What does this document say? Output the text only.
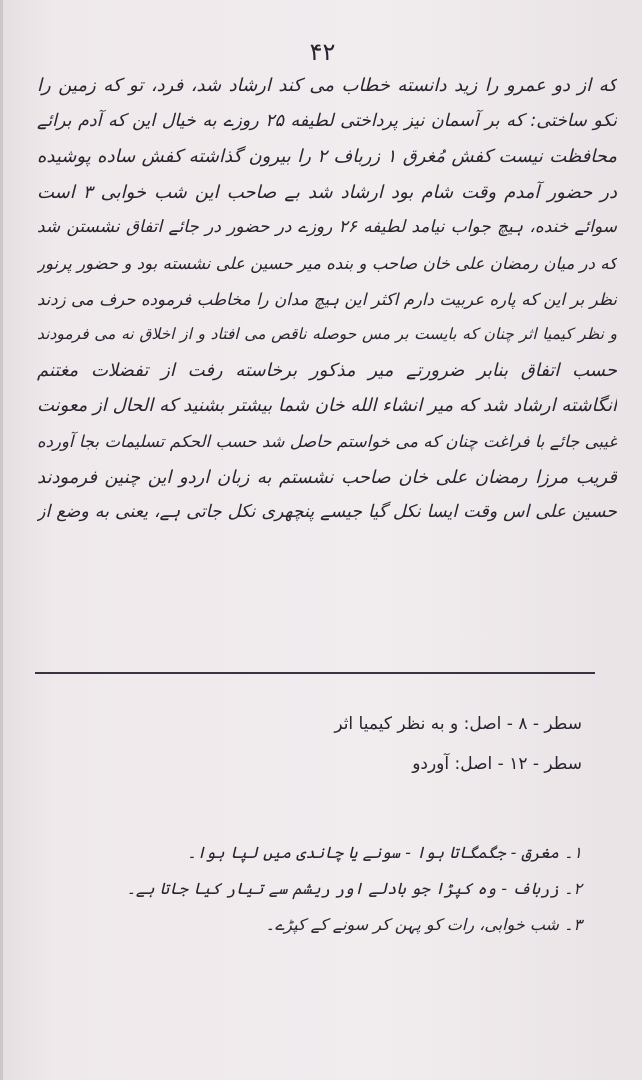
۴۲
که از دو عمرو را زید دانسته خطاب می کند ارشاد شد، فرد، تو که زمین را
نکو ساختی: که بر آسمان نیز پرداختی لطیفه ۲۵ روزے به خیال این که آدم برائے
محافظت نیست کفش مُغرق ۱ زرباف ۲ را بیرون گذاشته کفش ساده پوشیده
در حضور آمدم وقت شام بود ارشاد شد بے صاحب این شب خوابی ۳ است
سوائے خنده، ہیچ جواب نیامد لطیفه ۲۶ روزے در حضور در جائے اتفاق نشستن شد
که در میان رمضان علی خان صاحب و بنده میر حسین علی نشسته بود و حضور پرنور
نظر بر این که پاره عربیت دارم اکثر این ہیچ مدان را مخاطب فرموده حرف می زدند
و نظر کیمیا اثر چنان که بایست بر مس حوصله ناقص می افتاد و از اخلاق نه می فرمودند
حسب اتفاق بنابر ضرورتے میر مذکور برخاسته رفت از تفضلات مغتنم
انگاشته ارشاد شد که میر انشاء الله خان شما بیشتر بشنید که الحال از معونت
غیبی جائے با فراغت چنان که می خواستم حاصل شد حسب الحکم تسلیمات بجا آورده
قریب مرزا رمضان علی خان صاحب نشستم به زبان اردو این چنین فرمودند
حسین علی اس وقت ایسا نکل گیا جیسے پنچھری نکل جاتی ہے، یعنی به وضع از
سطر - ۸ - اصل: و به نظر کیمیا اثر
سطر - ۱۲ - اصل: آوردو
۱۔ مغرق - جگمگاتا ہوا - سونے یا چاندی میں لپا ہوا۔
۲۔ زرباف - وہ کپڑا جو بادلے اور ریشم سے تیار کیا جاتا ہے۔
۳۔ شب خوابی، رات کو پہن کر سونے کے کپڑے۔
